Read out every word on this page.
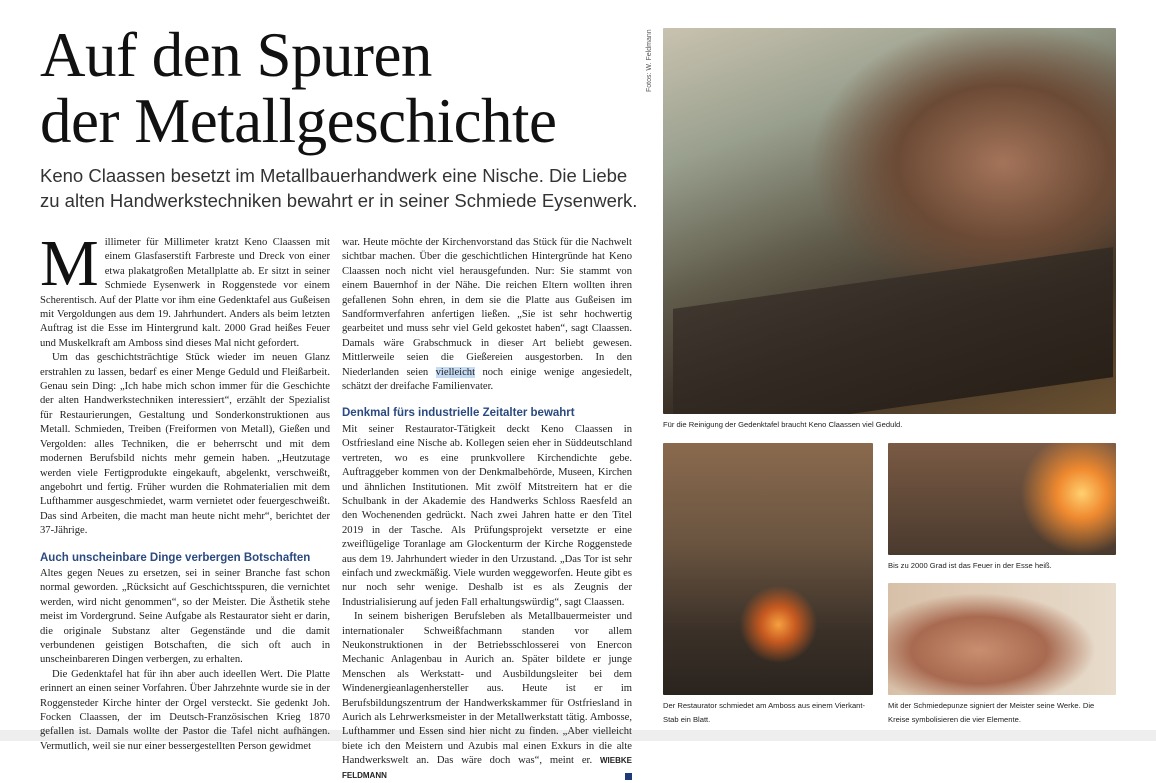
Auf den Spuren
der Metallgeschichte

Keno Claassen besetzt im Metallbauerhandwerk eine Nische. Die Liebe zu alten Handwerkstechniken bewahrt er in seiner Schmiede Eysenwerk.

Millimeter für Millimeter kratzt Keno Claassen mit einem Glasfaserstift Farbreste und Dreck von einer etwa plakatgroßen Metallplatte ab. Er sitzt in seiner Schmiede Eysenwerk in Roggenstede vor einem Scherentisch. Auf der Platte vor ihm eine Gedenktafel aus Gußeisen mit Vergoldungen aus dem 19. Jahrhundert. Anders als beim letzten Auftrag ist die Esse im Hintergrund kalt. 2000 Grad heißes Feuer und Muskelkraft am Amboss sind dieses Mal nicht gefordert.

Um das geschichtsträchtige Stück wieder im neuen Glanz erstrahlen zu lassen, bedarf es einer Menge Geduld und Fleißarbeit. Genau sein Ding: „Ich habe mich schon immer für die Geschichte der alten Handwerkstechniken interessiert“, erzählt der Spezialist für Restaurierungen, Gestaltung und Sonderkonstruktionen aus Metall. Schmieden, Treiben (Freiformen von Metall), Gießen und Vergolden: alles Techniken, die er beherrscht und mit dem modernen Berufsbild nichts mehr gemein haben. „Heutzutage werden viele Fertigprodukte eingekauft, abgelenkt, verschweißt, angebohrt und fertig. Früher wurden die Rohmaterialien mit dem Lufthammer ausgeschmiedet, warm vernietet oder feuergeschweißt. Das sind Arbeiten, die macht man heute nicht mehr“, berichtet der 37-Jährige.

Auch unscheinbare Dinge verbergen Botschaften

Altes gegen Neues zu ersetzen, sei in seiner Branche fast schon normal geworden. „Rücksicht auf Geschichtsspuren, die vernichtet werden, wird nicht genommen“, so der Meister. Die Ästhetik stehe meist im Vordergrund. Seine Aufgabe als Restaurator sieht er darin, die originale Substanz alter Gegenstände und die damit verbundenen geistigen Botschaften, die sich oft auch in unscheinbareren Dingen verbergen, zu erhalten.

Die Gedenktafel hat für ihn aber auch ideellen Wert. Die Platte erinnert an einen seiner Vorfahren. Über Jahrzehnte wurde sie in der Roggensteder Kirche hinter der Orgel versteckt. Sie gedenkt Joh. Focken Claassen, der im Deutsch-Französischen Krieg 1870 gefallen ist. Damals wollte der Pastor die Tafel nicht aufhängen. Vermutlich, weil sie nur einer bessergestellten Person gewidmet

war. Heute möchte der Kirchenvorstand das Stück für die Nachwelt sichtbar machen. Über die geschichtlichen Hintergründe hat Keno Claassen noch nicht viel herausgefunden. Nur: Sie stammt von einem Bauernhof in der Nähe. Die reichen Eltern wollten ihren gefallenen Sohn ehren, in dem sie die Platte aus Gußeisen im Sandformverfahren anfertigen ließen. „Sie ist sehr hochwertig gearbeitet und muss sehr viel Geld gekostet haben“, sagt Claassen. Damals wäre Grabschmuck in dieser Art beliebt gewesen. Mittlerweile seien die Gießereien ausgestorben. In den Niederlanden seien vielleicht noch einige wenige angesiedelt, schätzt der dreifache Familienvater.

Denkmal fürs industrielle Zeitalter bewahrt

Mit seiner Restaurator-Tätigkeit deckt Keno Claassen in Ostfriesland eine Nische ab. Kollegen seien eher in Süddeutschland vertreten, wo es eine prunkvollere Kirchendichte gebe. Auftraggeber kommen von der Denkmalbehörde, Museen, Kirchen und ähnlichen Institutionen. Mit zwölf Mitstreitern hat er die Schulbank in der Akademie des Handwerks Schloss Raesfeld an den Wochenenden gedrückt. Nach zwei Jahren hatte er den Titel 2019 in der Tasche. Als Prüfungsprojekt versetzte er eine zweiflügelige Toranlage am Glockenturm der Kirche Roggenstede aus dem 19. Jahrhundert wieder in den Urzustand. „Das Tor ist sehr einfach und zweckmäßig. Viele wurden weggeworfen. Heute gibt es nur noch sehr wenige. Deshalb ist es als Zeugnis der Industrialisierung auf jeden Fall erhaltungswürdig“, sagt Claassen.

In seinem bisherigen Berufsleben als Metallbauermeister und internationaler Schweißfachmann standen vor allem Neukonstruktionen in der Betriebsschlosserei von Enercon Mechanic Anlagenbau in Aurich an. Später bildete er junge Menschen als Werkstatt- und Ausbildungsleiter bei dem Windenergieanlagenhersteller aus. Heute ist er im Berufsbildungszentrum der Handwerkskammer für Ostfriesland in Aurich als Lehrwerksmeister in der Metallwerkstatt tätig. Ambosse, Lufthammer und Essen sind hier nicht zu finden. „Aber vielleicht biete ich den Meistern und Azubis mal einen Exkurs in die alte Handwerkswelt an. Das wäre doch was“, meint er. WIEBKE FELDMANN

Fotos: W. Feldmann
Für die Reinigung der Gedenktafel braucht Keno Claassen viel Geduld.
Der Restaurator schmiedet am Amboss aus einem Vierkant-Stab ein Blatt.
Bis zu 2000 Grad ist das Feuer in der Esse heiß.
Mit der Schmiedepunze signiert der Meister seine Werke. Die Kreise symbolisieren die vier Elemente.
